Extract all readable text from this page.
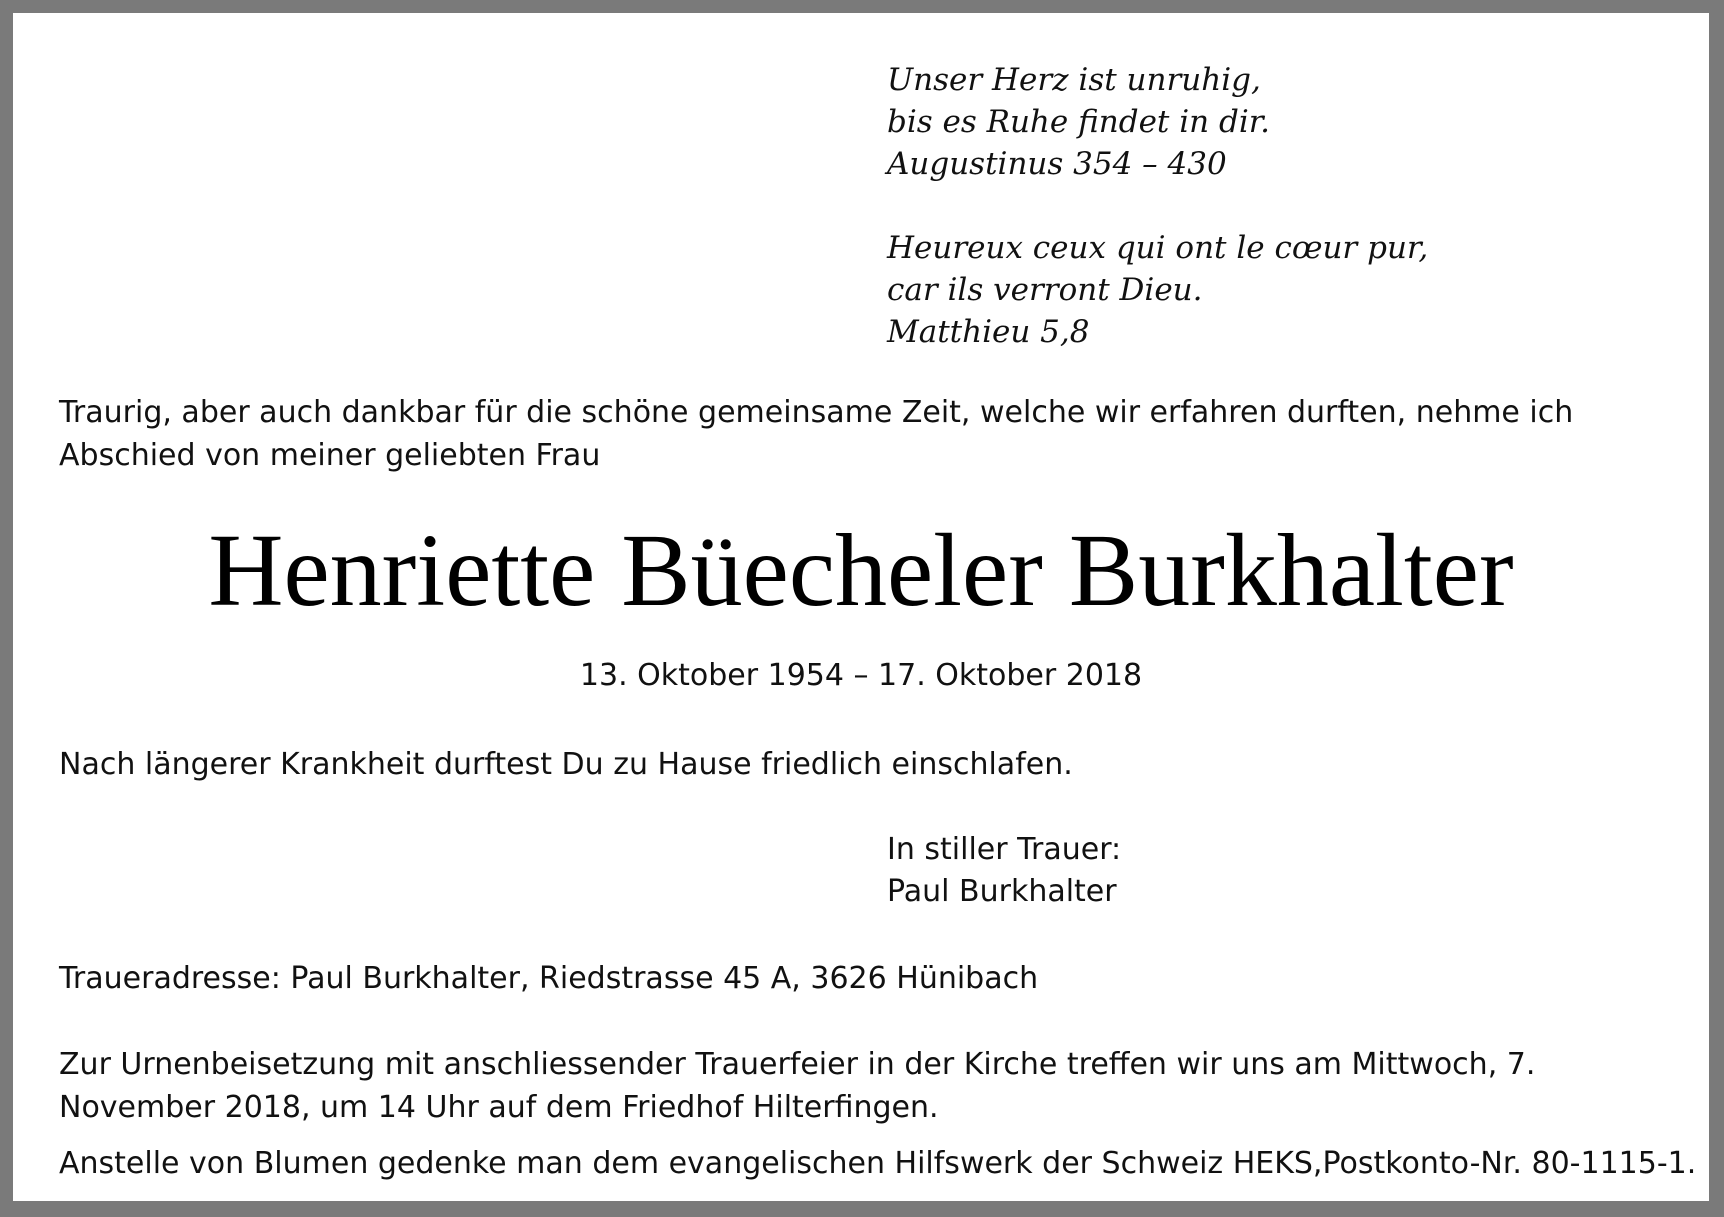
Unser Herz ist unruhig,
bis es Ruhe findet in dir.
Augustinus 354 – 430
Heureux ceux qui ont le cœur pur,
car ils verront Dieu.
Matthieu 5,8
Traurig, aber auch dankbar für die schöne gemeinsame Zeit, welche wir erfahren durften, nehme ich Abschied von meiner geliebten Frau
Henriette Büecheler Burkhalter
13. Oktober 1954 – 17. Oktober 2018
Nach längerer Krankheit durftest Du zu Hause friedlich einschlafen.
In stiller Trauer:
Paul Burkhalter
Traueradresse: Paul Burkhalter, Riedstrasse 45 A, 3626 Hünibach
Zur Urnenbeisetzung mit anschliessender Trauerfeier in der Kirche treffen wir uns am Mittwoch, 7. November 2018, um 14 Uhr auf dem Friedhof Hilterfingen.
Anstelle von Blumen gedenke man dem evangelischen Hilfswerk der Schweiz HEKS,Postkonto-Nr. 80-1115-1.
